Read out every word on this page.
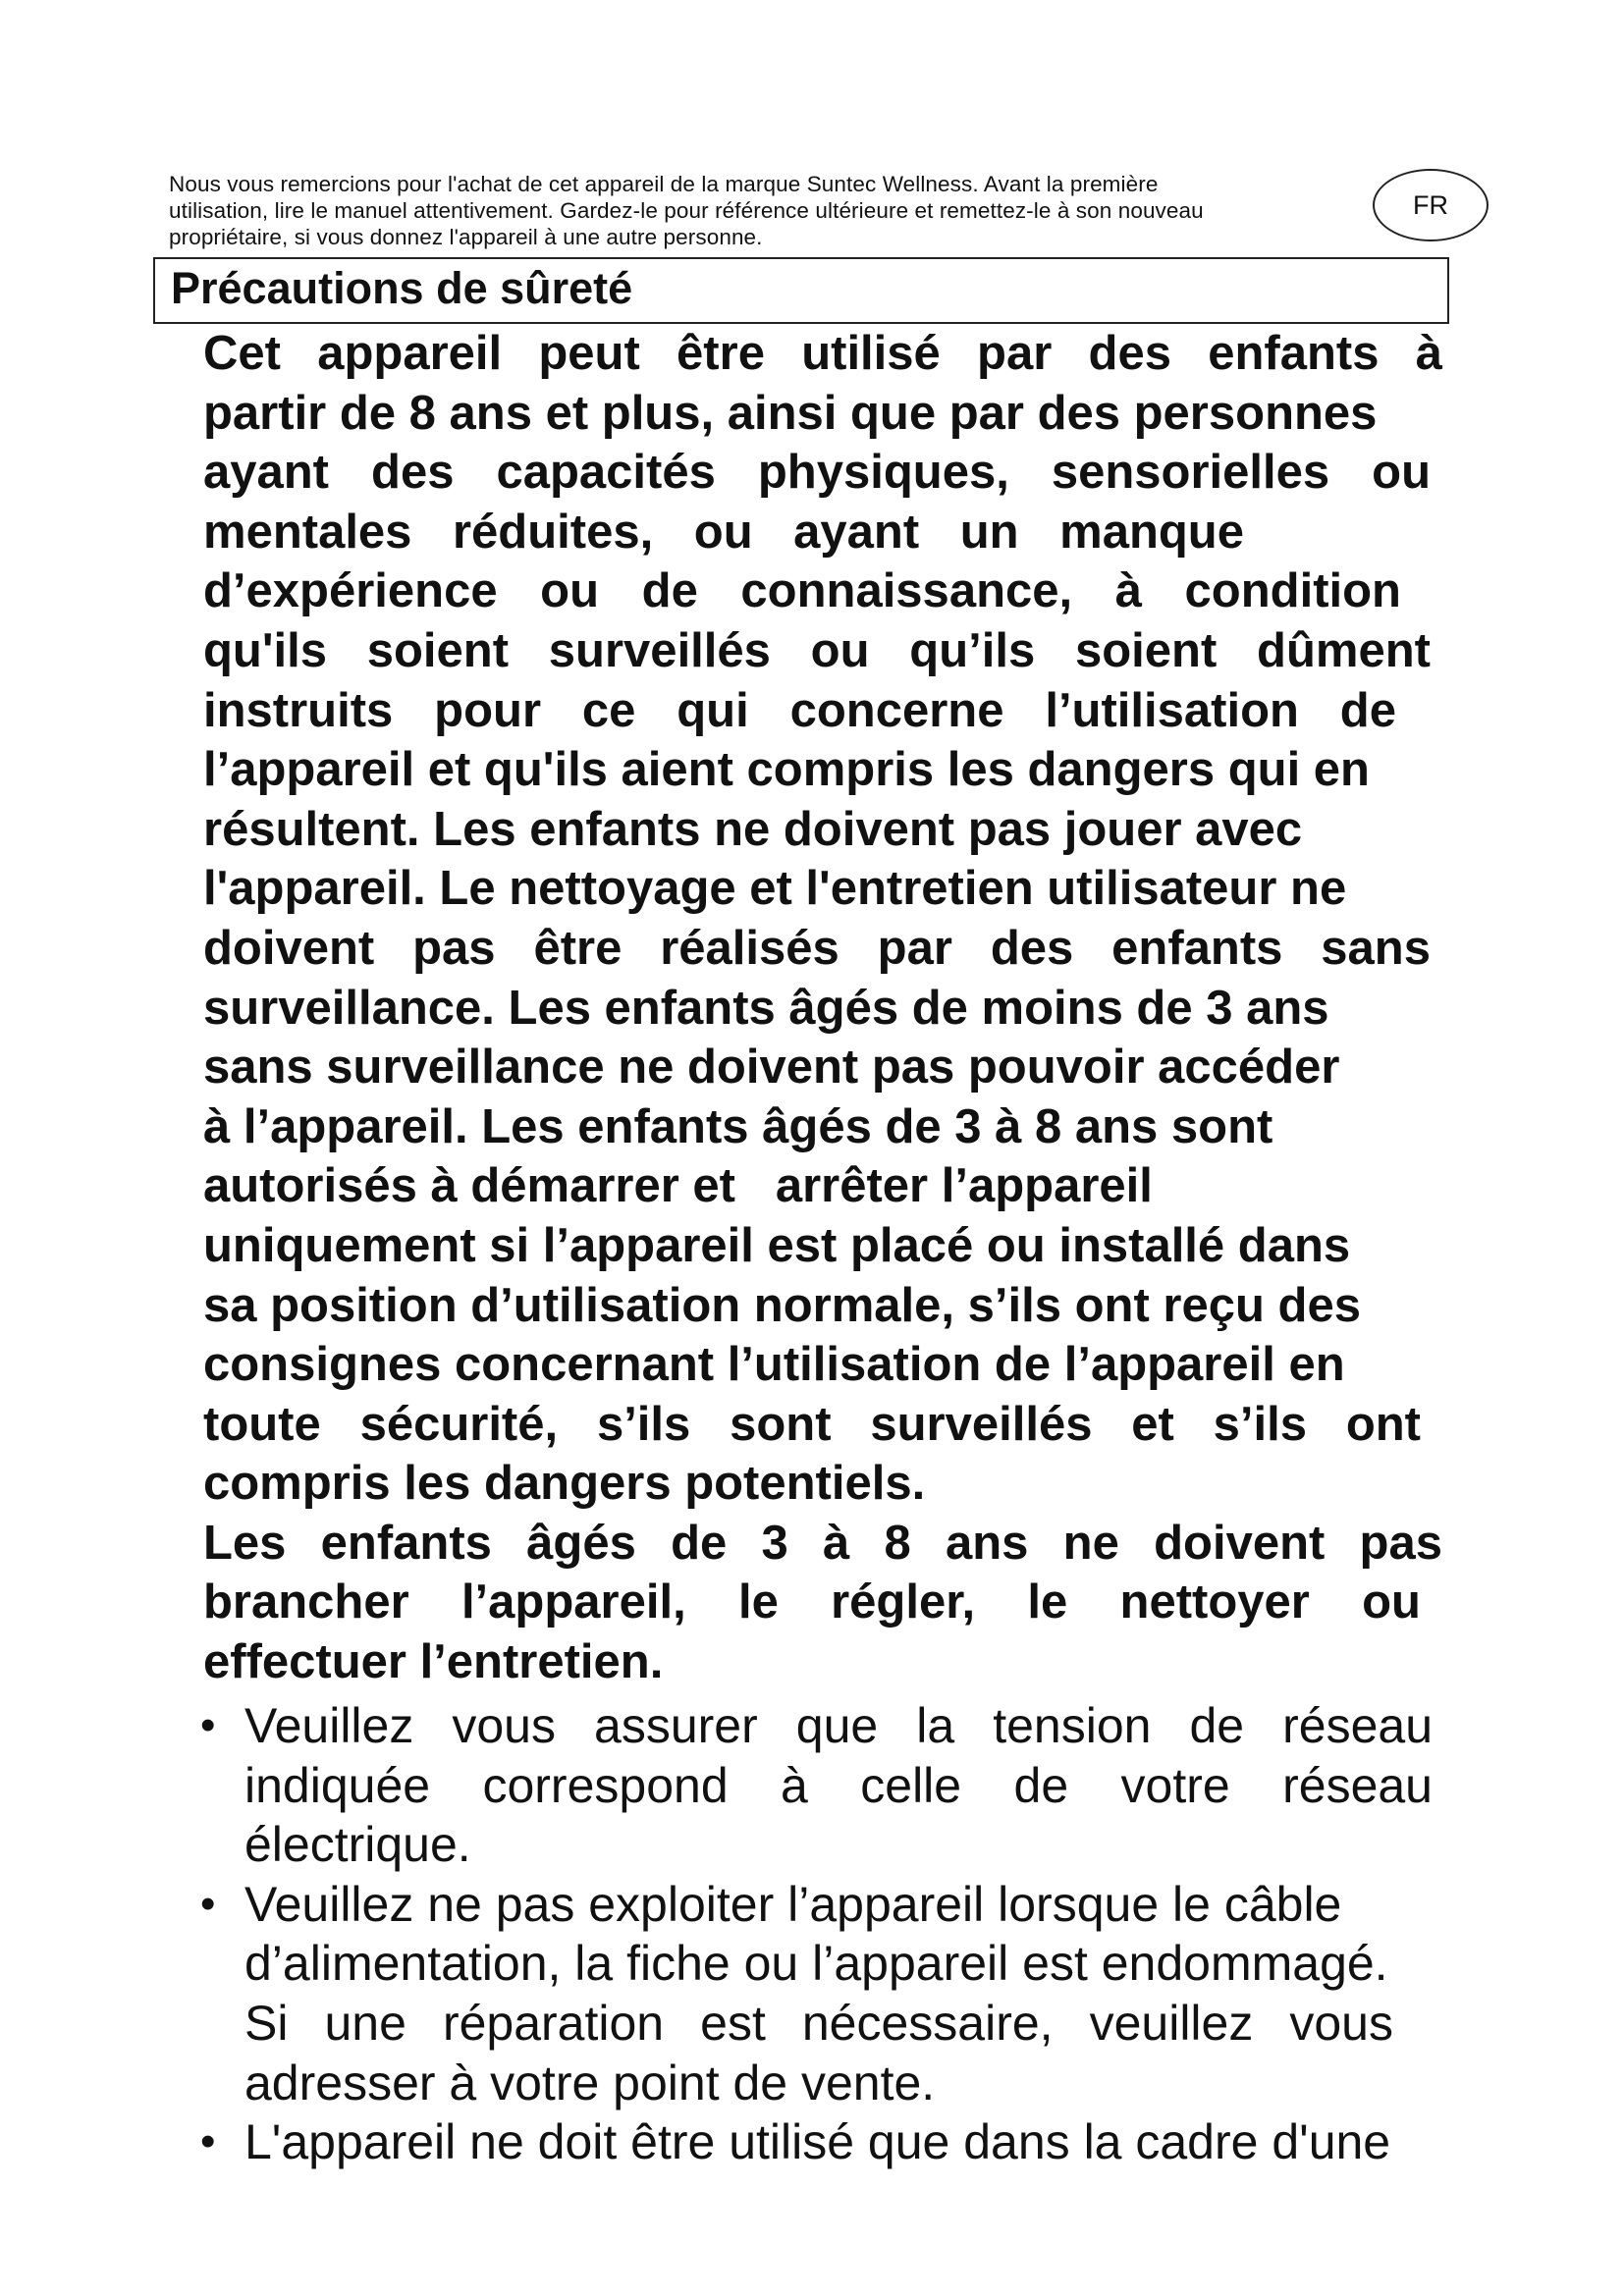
Nous vous remercions pour l'achat de cet appareil de la marque Suntec Wellness. Avant la première
utilisation, lire le manuel attentivement. Gardez-le pour référence ultérieure et remettez-le à son nouveau
propriétaire, si vous donnez l'appareil à une autre personne.
FR
Précautions de sûreté
Cet appareil peut être utilisé par des enfants à
partir de 8 ans et plus, ainsi que par des personnes
ayant des capacités physiques, sensorielles ou
mentales réduites, ou ayant un manque
d’expérience ou de connaissance, à condition
qu'ils soient surveillés ou qu’ils soient dûment
instruits pour ce qui concerne l’utilisation de
l’appareil et qu'ils aient compris les dangers qui en
résultent. Les enfants ne doivent pas jouer avec
l'appareil. Le nettoyage et l'entretien utilisateur ne
doivent pas être réalisés par des enfants sans
surveillance. Les enfants âgés de moins de 3 ans
sans surveillance ne doivent pas pouvoir accéder
à l’appareil. Les enfants âgés de 3 à 8 ans sont
autorisés à démarrer et   arrêter l’appareil
uniquement si l’appareil est placé ou installé dans
sa position d’utilisation normale, s’ils ont reçu des
consignes concernant l’utilisation de l’appareil en
toute sécurité, s’ils sont surveillés et s’ils ont
compris les dangers potentiels.
Les enfants âgés de 3 à 8 ans ne doivent pas
brancher l’appareil, le régler, le nettoyer ou
effectuer l’entretien.
• Veuillez vous assurer que la tension de réseau
indiquée correspond à celle de votre réseau
électrique.
• Veuillez ne pas exploiter l’appareil lorsque le câble
d’alimentation, la fiche ou l’appareil est endommagé.
Si une réparation est nécessaire, veuillez vous
adresser à votre point de vente.
• L'appareil ne doit être utilisé que dans la cadre d'une
